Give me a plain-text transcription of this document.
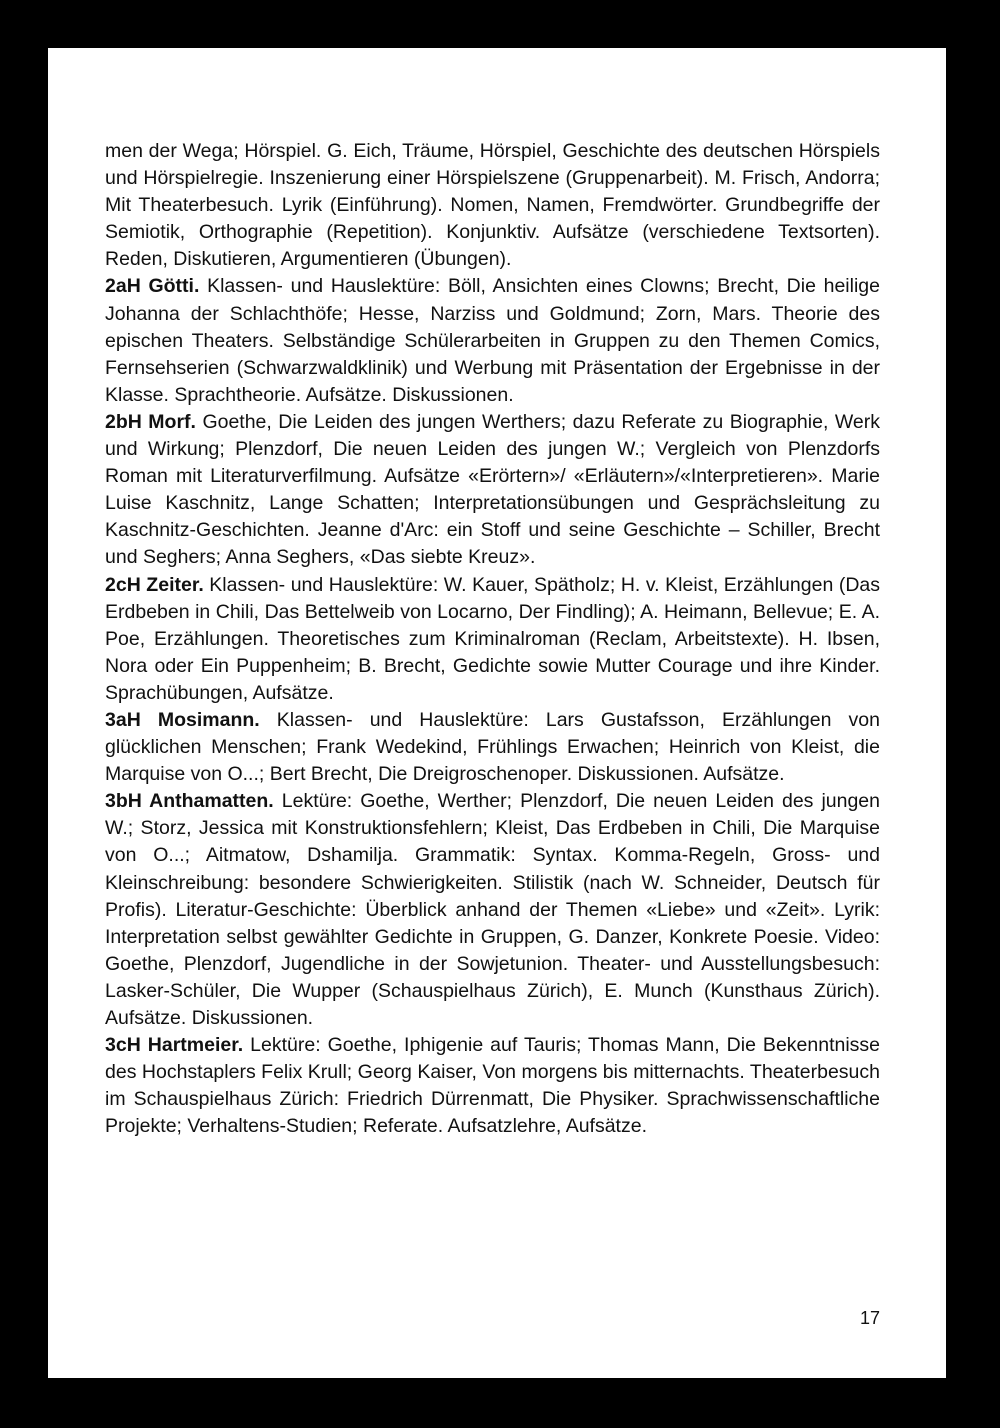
men der Wega; Hörspiel. G. Eich, Träume, Hörspiel, Geschichte des deutschen Hörspiels und Hörspielregie. Inszenierung einer Hörspielszene (Gruppenarbeit). M. Frisch, Andorra; Mit Theaterbesuch. Lyrik (Einführung). Nomen, Namen, Fremdwörter. Grundbegriffe der Semiotik, Orthographie (Repetition). Konjunktiv. Aufsätze (verschiedene Textsorten). Reden, Diskutieren, Argumentieren (Übungen).

2aH Götti. Klassen- und Hauslektüre: Böll, Ansichten eines Clowns; Brecht, Die heilige Johanna der Schlachthöfe; Hesse, Narziss und Goldmund; Zorn, Mars. Theorie des epischen Theaters. Selbständige Schülerarbeiten in Gruppen zu den Themen Comics, Fernsehserien (Schwarzwaldklinik) und Werbung mit Präsentation der Ergebnisse in der Klasse. Sprachtheorie. Aufsätze. Diskussionen.

2bH Morf. Goethe, Die Leiden des jungen Werthers; dazu Referate zu Biographie, Werk und Wirkung; Plenzdorf, Die neuen Leiden des jungen W.; Vergleich von Plenzdorfs Roman mit Literaturverfilmung. Aufsätze «Erörtern»/ «Erläutern»/«Interpretieren». Marie Luise Kaschnitz, Lange Schatten; Interpretationsübungen und Gesprächsleitung zu Kaschnitz-Geschichten. Jeanne d'Arc: ein Stoff und seine Geschichte – Schiller, Brecht und Seghers; Anna Seghers, «Das siebte Kreuz».

2cH Zeiter. Klassen- und Hauslektüre: W. Kauer, Spätholz; H. v. Kleist, Erzählungen (Das Erdbeben in Chili, Das Bettelweib von Locarno, Der Findling); A. Heimann, Bellevue; E. A. Poe, Erzählungen. Theoretisches zum Kriminalroman (Reclam, Arbeitstexte). H. Ibsen, Nora oder Ein Puppenheim; B. Brecht, Gedichte sowie Mutter Courage und ihre Kinder. Sprachübungen, Aufsätze.

3aH Mosimann. Klassen- und Hauslektüre: Lars Gustafsson, Erzählungen von glücklichen Menschen; Frank Wedekind, Frühlings Erwachen; Heinrich von Kleist, die Marquise von O...; Bert Brecht, Die Dreigroschenoper. Diskussionen. Aufsätze.

3bH Anthamatten. Lektüre: Goethe, Werther; Plenzdorf, Die neuen Leiden des jungen W.; Storz, Jessica mit Konstruktionsfehlern; Kleist, Das Erdbeben in Chili, Die Marquise von O...; Aitmatow, Dshamilja. Grammatik: Syntax. Komma-Regeln, Gross- und Kleinschreibung: besondere Schwierigkeiten. Stilistik (nach W. Schneider, Deutsch für Profis). Literatur-Geschichte: Überblick anhand der Themen «Liebe» und «Zeit». Lyrik: Interpretation selbst gewählter Gedichte in Gruppen, G. Danzer, Konkrete Poesie. Video: Goethe, Plenzdorf, Jugendliche in der Sowjetunion. Theater- und Ausstellungsbesuch: Lasker-Schüler, Die Wupper (Schauspielhaus Zürich), E. Munch (Kunsthaus Zürich). Aufsätze. Diskussionen.

3cH Hartmeier. Lektüre: Goethe, Iphigenie auf Tauris; Thomas Mann, Die Bekenntnisse des Hochstaplers Felix Krull; Georg Kaiser, Von morgens bis mitternachts. Theaterbesuch im Schauspielhaus Zürich: Friedrich Dürrenmatt, Die Physiker. Sprachwissenschaftliche Projekte; Verhaltens-Studien; Referate. Aufsatzlehre, Aufsätze.

17
